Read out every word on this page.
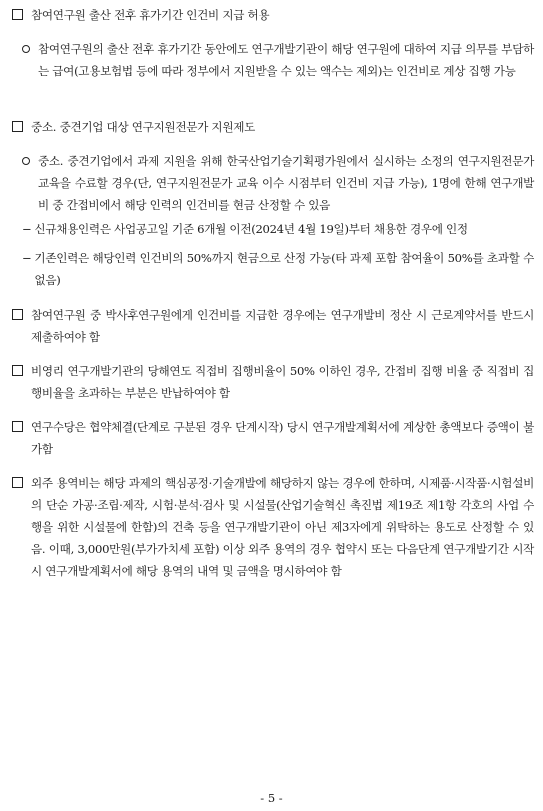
참여연구원 출산 전후 휴가기간 인건비 지급 허용
참여연구원의 출산 전후 휴가기간 동안에도 연구개발기관이 해당 연구원에 대하여 지급 의무를 부담하는 급여(고용보험법 등에 따라 정부에서 지원받을 수 있는 액수는 제외)는 인건비로 계상 집행 가능
중소. 중견기업 대상 연구지원전문가 지원제도
중소. 중견기업에서 과제 지원을 위해 한국산업기술기획평가원에서 실시하는 소정의 연구지원전문가 교육을 수료할 경우(단, 연구지원전문가 교육 이수 시점부터 인건비 지급 가능), 1명에 한해 연구개발비 중 간접비에서 해당 인력의 인건비를 현금 산정할 수 있음
− 신규채용인력은 사업공고일 기준 6개월 이전(2024년 4월 19일)부터 채용한 경우에 인정
− 기존인력은 해당인력 인건비의 50%까지 현금으로 산정 가능(타 과제 포함 참여율이 50%를 초과할 수 없음)
참여연구원 중 박사후연구원에게 인건비를 지급한 경우에는 연구개발비 정산 시 근로계약서를 반드시 제출하여야 함
비영리 연구개발기관의 당해연도 직접비 집행비율이 50% 이하인 경우, 간접비 집행 비율 중 직접비 집행비율을 초과하는 부분은 반납하여야 함
연구수당은 협약체결(단계로 구분된 경우 단계시작) 당시 연구개발계획서에 계상한 총액보다 증액이 불가함
외주 용역비는 해당 과제의 핵심공정·기술개발에 해당하지 않는 경우에 한하며, 시제품·시작품·시험설비의 단순 가공·조립·제작, 시험·분석·검사 및 시설물(산업기술혁신 촉진법 제19조 제1항 각호의 사업 수행을 위한 시설물에 한함)의 건축 등을 연구개발기관이 아닌 제3자에게 위탁하는 용도로 산정할 수 있음. 이때, 3,000만원(부가가치세 포함) 이상 외주 용역의 경우 협약시 또는 다음단계 연구개발기간 시작시 연구개발계획서에 해당 용역의 내역 및 금액을 명시하여야 함
- 5 -
